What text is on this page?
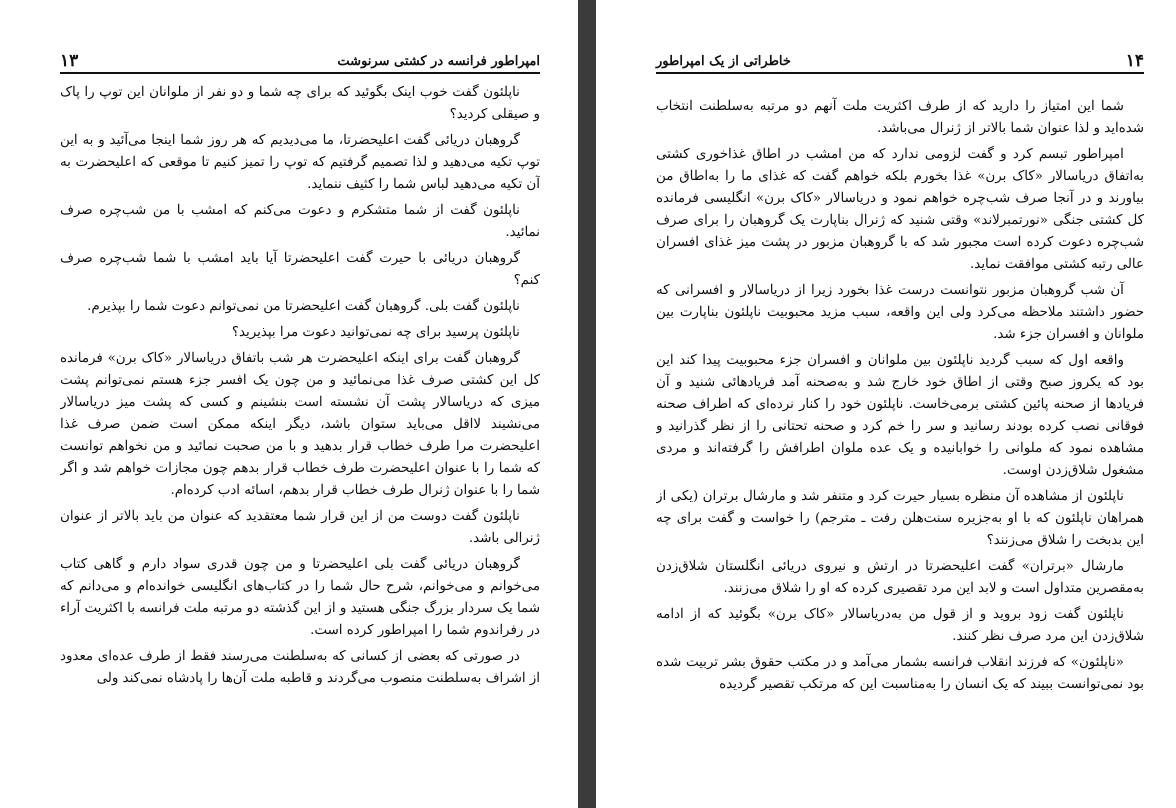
امپراطور فرانسه در کشتی سرنوشت
۱۳

ناپلئون گفت خوب اینک بگوئید که برای چه شما و دو نفر از ملوانان این توپ را پاک و صیقلی کردید؟

گروهبان دریائی گفت اعلیحضرتا، ما می‌دیدیم که هر روز شما اینجا می‌آئید و به این توپ تکیه می‌دهید و لذا تصمیم گرفتیم که توپ را تمیز کنیم تا موقعی که اعلیحضرت به آن تکیه می‌دهید لباس شما را کثیف ننماید.

ناپلئون گفت از شما متشکرم و دعوت می‌کنم که امشب با من شب‌چره صرف نمائید.

گروهبان دریائی با حیرت گفت اعلیحضرتا آیا باید امشب با شما شب‌چره صرف کنم؟

ناپلئون گفت بلی. گروهبان گفت اعلیحضرتا من نمی‌توانم دعوت شما را بپذیرم.

ناپلئون پرسید برای چه نمی‌توانید دعوت مرا بپذیرید؟

گروهبان گفت برای اینکه اعلیحضرت هر شب باتفاق دریاسالار «کاک برن» فرمانده کل این کشتی صرف غذا می‌نمائید و من چون یک افسر جزء هستم نمی‌توانم پشت میزی که دریاسالار پشت آن نشسته است بنشینم و کسی که پشت میز دریاسالار می‌نشیند لااقل می‌باید ستوان باشد، دیگر اینکه ممکن است ضمن صرف غذا اعلیحضرت مرا طرف خطاب قرار بدهید و با من صحبت نمائید و من نخواهم توانست که شما را با عنوان اعلیحضرت طرف خطاب قرار بدهم چون مجازات خواهم شد و اگر شما را با عنوان ژنرال طرف خطاب قرار بدهم، اسائه ادب کرده‌ام.

ناپلئون گفت دوست من از این قرار شما معتقدید که عنوان من باید بالاتر از عنوان ژنرالی باشد.

گروهبان دریائی گفت بلی اعلیحضرتا و من چون قدری سواد دارم و گاهی کتاب می‌خوانم و می‌خوانم، شرح حال شما را در کتاب‌های انگلیسی خوانده‌ام و می‌دانم که شما یک سردار بزرگ جنگی هستید و از این گذشته دو مرتبه ملت فرانسه با اکثریت آراء در رفراندوم شما را امپراطور کرده است.

در صورتی که بعضی از کسانی که به‌سلطنت می‌رسند فقط از طرف عده‌ای معدود از اشراف به‌سلطنت منصوب می‌گردند و قاطبه ملت آن‌ها را پادشاه نمی‌کند ولی

۱۴
خاطراتی از یک امپراطور

شما این امتیاز را دارید که از طرف اکثریت ملت آنهم دو مرتبه به‌سلطنت انتخاب شده‌اید و لذا عنوان شما بالاتر از ژنرال می‌باشد.

امپراطور تبسم کرد و گفت لزومی ندارد که من امشب در اطاق غذاخوری کشتی به‌اتفاق دریاسالار «کاک برن» غذا بخورم بلکه خواهم گفت که غذای ما را به‌اطاق من بیاورند و در آنجا صرف شب‌چره خواهم نمود و دریاسالار «کاک برن» انگلیسی فرمانده کل کشتی جنگی «نورتمبرلاند» وقتی شنید که ژنرال بناپارت یک گروهبان را برای صرف شب‌چره دعوت کرده است مجبور شد که با گروهبان مزبور در پشت میز غذای افسران عالی رتبه کشتی موافقت نماید.

آن شب گروهبان مزبور نتوانست درست غذا بخورد زیرا از دریاسالار و افسرانی که حضور داشتند ملاحظه می‌کرد ولی این واقعه، سبب مزید محبوبیت ناپلئون بناپارت بین ملوانان و افسران جزء شد.

واقعه اول که سبب گردید ناپلئون بین ملوانان و افسران جزء محبوبیت پیدا کند این بود که یکروز صبح وقتی از اطاق خود خارج شد و به‌صحنه آمد فریادهائی شنید و آن فریادها از صحنه پائین کشتی برمی‌خاست. ناپلئون خود را کنار نرده‌ای که اطراف صحنه فوقانی نصب کرده بودند رسانید و سر را خم کرد و صحنه تحتانی را از نظر گذرانید و مشاهده نمود که ملوانی را خوابانیده و یک عده ملوان اطرافش را گرفته‌اند و مردی مشغول شلاق‌زدن اوست.

ناپلئون از مشاهده آن منظره بسیار حیرت کرد و متنفر شد و مارشال برتران (یکی از همراهان ناپلئون که با او به‌جزیره سنت‌هلن رفت ـ مترجم) را خواست و گفت برای چه این بدبخت را شلاق می‌زنند؟

مارشال «برتران» گفت اعلیحضرتا در ارتش و نیروی دریائی انگلستان شلاق‌زدن به‌مقصرین متداول است و لابد این مرد تقصیری کرده که او را شلاق می‌زنند.

ناپلئون گفت زود بروید و از قول من به‌دریاسالار «کاک برن» بگوئید که از ادامه شلاق‌زدن این مرد صرف نظر کنند.

«ناپلئون» که فرزند انقلاب فرانسه بشمار می‌آمد و در مکتب حقوق بشر تربیت شده بود نمی‌توانست ببیند که یک انسان را به‌مناسبت این که مرتکب تقصیر گردیده
